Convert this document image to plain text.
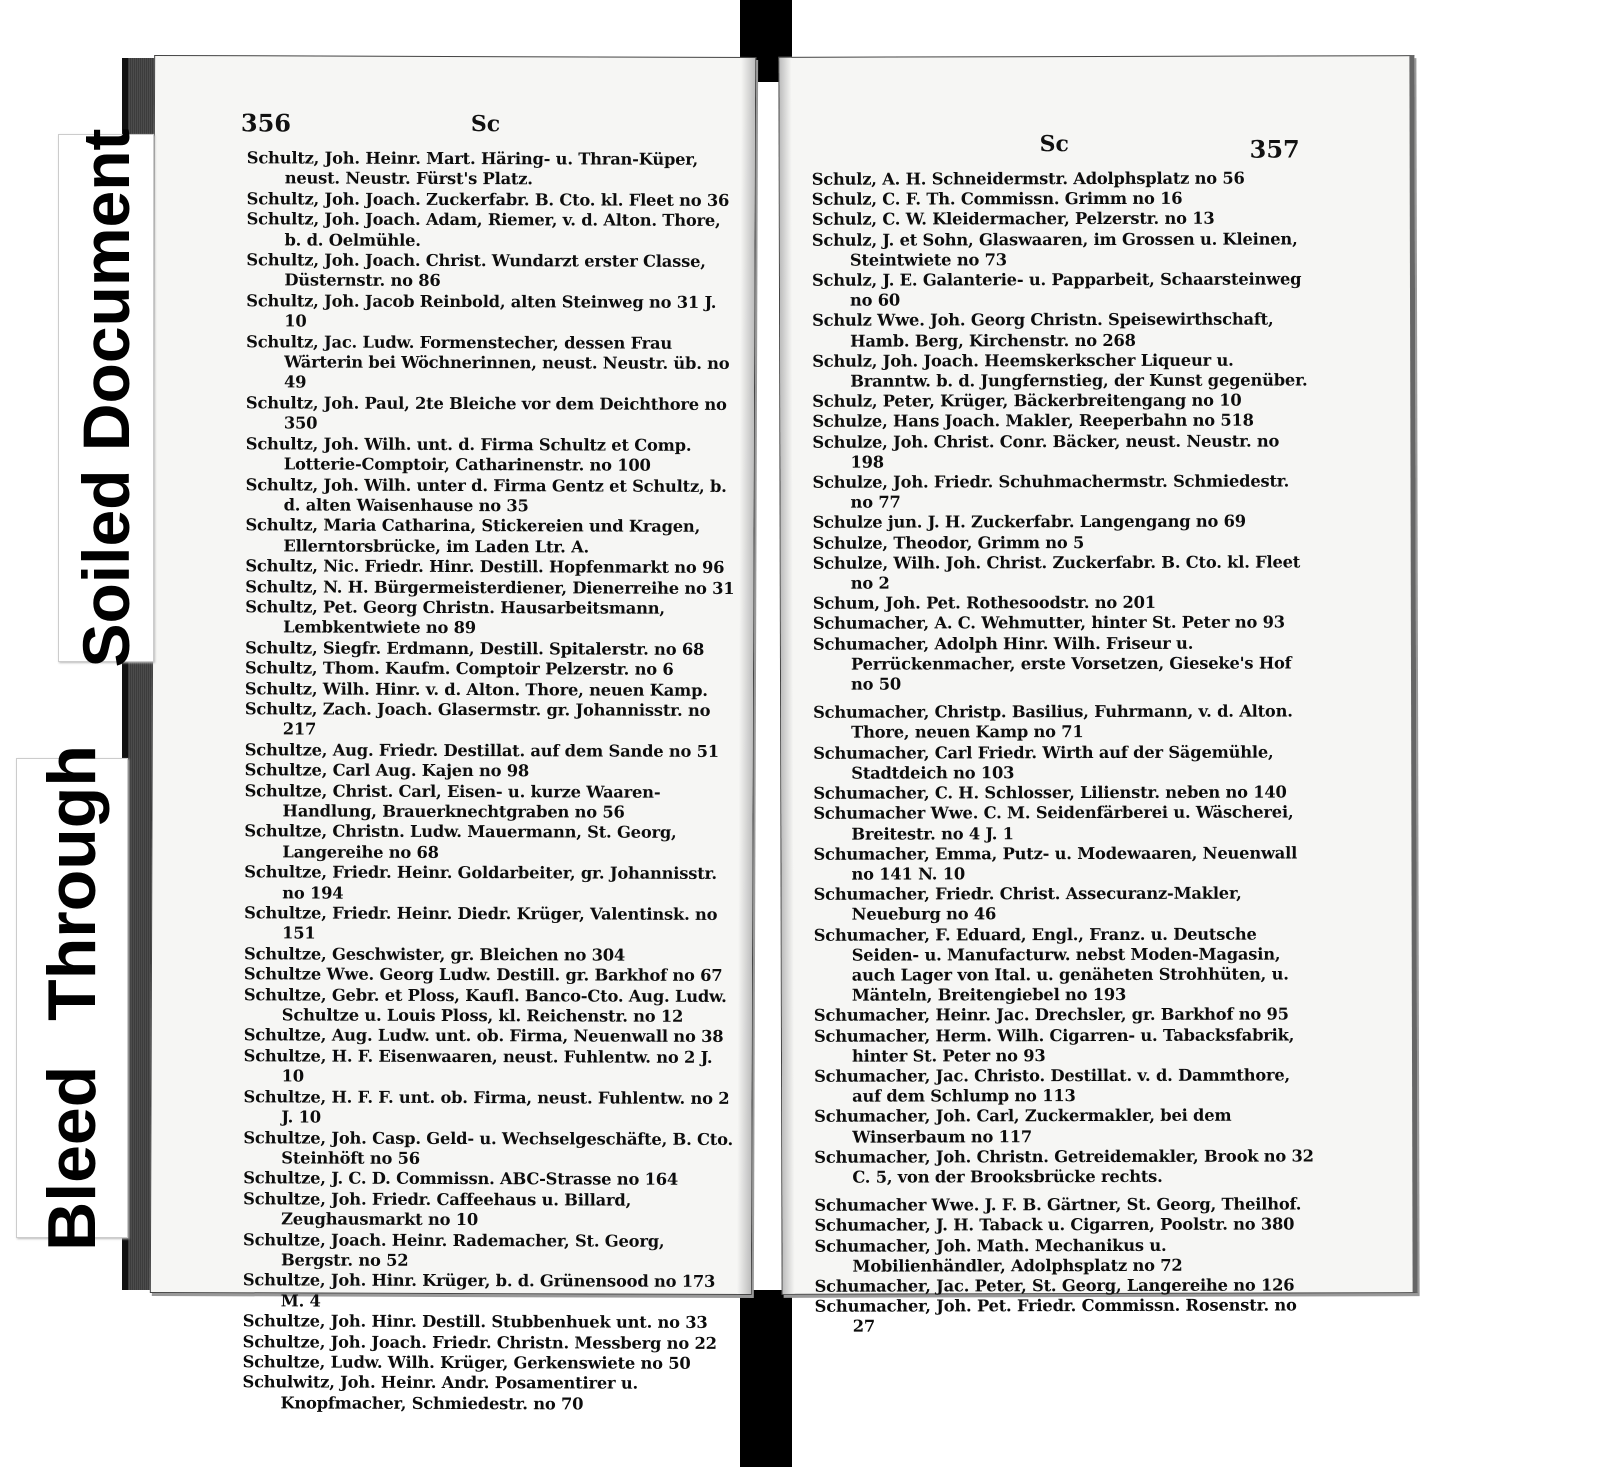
356	Sc
Schultz, Joh. Heinr. Mart. Häring- u. Thran-Küper, neust. Neustr. Fürst's Platz.
Schultz, Joh. Joach. Zuckerfabr. B. Cto. kl. Fleet no 36
Schultz, Joh. Joach. Adam, Riemer, v. d. Alton. Thore, b. d. Oelmühle.
Schultz, Joh. Joach. Christ. Wundarzt erster Classe, Düsternstr. no 86
Schultz, Joh. Jacob Reinbold, alten Steinweg no 31 J. 10
Schultz, Jac. Ludw. Formenstecher, dessen Frau Wärterin bei Wöchnerinnen, neust. Neustr. üb. no 49
Schultz, Joh. Paul, 2te Bleiche vor dem Deichthore no 350
Schultz, Joh. Wilh. unt. d. Firma Schultz et Comp. Lotterie-Comptoir, Catharinenstr. no 100
Schultz, Joh. Wilh. unter d. Firma Gentz et Schultz, b. d. alten Waisenhause no 35
Schultz, Maria Catharina, Stickereien und Kragen, Ellerntorsbrücke, im Laden Ltr. A.
Schultz, Nic. Friedr. Hinr. Destill. Hopfenmarkt no 96
Schultz, N. H. Bürgermeisterdiener, Dienerreihe no 31
Schultz, Pet. Georg Christn. Hausarbeitsmann, Lembkentwiete no 89
Schultz, Siegfr. Erdmann, Destill. Spitalerstr. no 68
Schultz, Thom. Kaufm. Comptoir Pelzerstr. no 6
Schultz, Wilh. Hinr. v. d. Alton. Thore, neuen Kamp.
Schultz, Zach. Joach. Glasermstr. gr. Johannisstr. no 217
Schultze, Aug. Friedr. Destillat. auf dem Sande no 51
Schultze, Carl Aug. Kajen no 98
Schultze, Christ. Carl, Eisen- u. kurze Waaren-Handlung, Brauerknechtgraben no 56
Schultze, Christn. Ludw. Mauermann, St. Georg, Langereihe no 68
Schultze, Friedr. Heinr. Goldarbeiter, gr. Johannisstr. no 194
Schultze, Friedr. Heinr. Diedr. Krüger, Valentinsk. no 151
Schultze, Geschwister, gr. Bleichen no 304
Schultze Wwe. Georg Ludw. Destill. gr. Barkhof no 67
Schultze, Gebr. et Ploss, Kaufl. Banco-Cto. Aug. Ludw. Schultze u. Louis Ploss, kl. Reichenstr. no 12
Schultze, Aug. Ludw. unt. ob. Firma, Neuenwall no 38
Schultze, H. F. Eisenwaaren, neust. Fuhlentw. no 2 J. 10
Schultze, H. F. F. unt. ob. Firma, neust. Fuhlentw. no 2 J. 10
Schultze, Joh. Casp. Geld- u. Wechselgeschäfte, B. Cto. Steinhöft no 56
Schultze, J. C. D. Commissn. ABC-Strasse no 164
Schultze, Joh. Friedr. Caffeehaus u. Billard, Zeughausmarkt no 10
Schultze, Joach. Heinr. Rademacher, St. Georg, Bergstr. no 52
Schultze, Joh. Hinr. Krüger, b. d. Grünensood no 173 M. 4
Schultze, Joh. Hinr. Destill. Stubbenhuek unt. no 33
Schultze, Joh. Joach. Friedr. Christn. Messberg no 22
Schultze, Ludw. Wilh. Krüger, Gerkenswiete no 50
Schulwitz, Joh. Heinr. Andr. Posamentirer u. Knopfmacher, Schmiedestr. no 70
Sc	357
Schulz, A. H. Schneidermstr. Adolphsplatz no 56
Schulz, C. F. Th. Commissn. Grimm no 16
Schulz, C. W. Kleidermacher, Pelzerstr. no 13
Schulz, J. et Sohn, Glaswaaren, im Grossen u. Kleinen, Steintwiete no 73
Schulz, J. E. Galanterie- u. Papparbeit, Schaarsteinweg no 60
Schulz Wwe. Joh. Georg Christn. Speisewirthschaft, Hamb. Berg, Kirchenstr. no 268
Schulz, Joh. Joach. Heemskerkscher Liqueur u. Branntw. b. d. Jungfernstieg, der Kunst gegenüber.
Schulz, Peter, Krüger, Bäckerbreitengang no 10
Schulze, Hans Joach. Makler, Reeperbahn no 518
Schulze, Joh. Christ. Conr. Bäcker, neust. Neustr. no 198
Schulze, Joh. Friedr. Schuhmachermstr. Schmiedestr. no 77
Schulze jun. J. H. Zuckerfabr. Langengang no 69
Schulze, Theodor, Grimm no 5
Schulze, Wilh. Joh. Christ. Zuckerfabr. B. Cto. kl. Fleet no 2
Schum, Joh. Pet. Rothesoodstr. no 201
Schumacher, A. C. Wehmutter, hinter St. Peter no 93
Schumacher, Adolph Hinr. Wilh. Friseur u. Perrückenmacher, erste Vorsetzen, Gieseke's Hof no 50
Schumacher, Christp. Basilius, Fuhrmann, v. d. Alton. Thore, neuen Kamp no 71
Schumacher, Carl Friedr. Wirth auf der Sägemühle, Stadtdeich no 103
Schumacher, C. H. Schlosser, Lilienstr. neben no 140
Schumacher Wwe. C. M. Seidenfärberei u. Wäscherei, Breitestr. no 4 J. 1
Schumacher, Emma, Putz- u. Modewaaren, Neuenwall no 141 N. 10
Schumacher, Friedr. Christ. Assecuranz-Makler, Neueburg no 46
Schumacher, F. Eduard, Engl., Franz. u. Deutsche Seiden- u. Manufacturw. nebst Moden-Magasin, auch Lager von Ital. u. genäheten Strohhüten, u. Mänteln, Breitengiebel no 193
Schumacher, Heinr. Jac. Drechsler, gr. Barkhof no 95
Schumacher, Herm. Wilh. Cigarren- u. Tabacksfabrik, hinter St. Peter no 93
Schumacher, Jac. Christo. Destillat. v. d. Dammthore, auf dem Schlump no 113
Schumacher, Joh. Carl, Zuckermakler, bei dem Winserbaum no 117
Schumacher, Joh. Christn. Getreidemakler, Brook no 32 C. 5, von der Brooksbrücke rechts.
Schumacher Wwe. J. F. B. Gärtner, St. Georg, Theilhof.
Schumacher, J. H. Taback u. Cigarren, Poolstr. no 380
Schumacher, Joh. Math. Mechanikus u. Mobilienhändler, Adolphsplatz no 72
Schumacher, Jac. Peter, St. Georg, Langereihe no 126
Schumacher, Joh. Pet. Friedr. Commissn. Rosenstr. no 27
Soiled Document
Bleed Through
